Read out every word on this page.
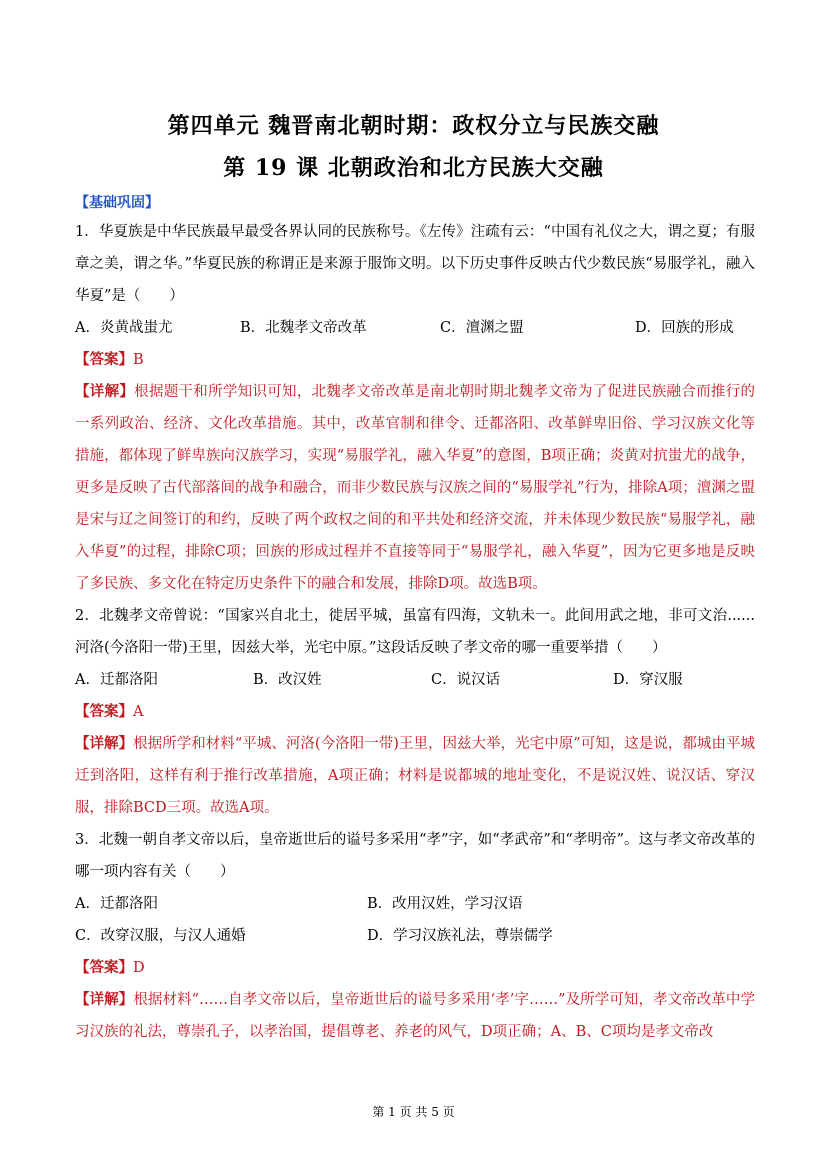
第四单元 魏晋南北朝时期：政权分立与民族交融
第 19 课 北朝政治和北方民族大交融
【基础巩固】
1．华夏族是中华民族最早最受各界认同的民族称号。《左传》注疏有云：“中国有礼仪之大，谓之夏；有服章之美，谓之华。”华夏民族的称谓正是来源于服饰文明。以下历史事件反映古代少数民族“易服学礼，融入华夏”是（　　）
A．炎黄战蚩尤	B．北魏孝文帝改革	C．澶渊之盟	D．回族的形成
【答案】B
【详解】根据题干和所学知识可知，北魏孝文帝改革是南北朝时期北魏孝文帝为了促进民族融合而推行的一系列政治、经济、文化改革措施。其中，改革官制和律令、迁都洛阳、改革鲜卑旧俗、学习汉族文化等措施，都体现了鲜卑族向汉族学习，实现“易服学礼，融入华夏”的意图，B项正确；炎黄对抗蚩尤的战争，更多是反映了古代部落间的战争和融合，而非少数民族与汉族之间的“易服学礼”行为，排除A项；澶渊之盟是宋与辽之间签订的和约，反映了两个政权之间的和平共处和经济交流，并未体现少数民族“易服学礼，融入华夏”的过程，排除C项；回族的形成过程并不直接等同于“易服学礼，融入华夏”，因为它更多地是反映了多民族、多文化在特定历史条件下的融合和发展，排除D项。故选B项。
2．北魏孝文帝曾说：“国家兴自北土，徙居平城，虽富有四海，文轨未一。此间用武之地，非可文治......河洛(今洛阳一带)王里，因兹大举，光宅中原。”这段话反映了孝文帝的哪一重要举措（　　）
A．迁都洛阳	B．改汉姓	C．说汉话	D．穿汉服
【答案】A
【详解】根据所学和材料“平城、河洛(今洛阳一带)王里，因兹大举，光宅中原”可知，这是说，都城由平城迁到洛阳，这样有利于推行改革措施，A项正确；材料是说都城的地址变化，不是说汉姓、说汉话、穿汉服，排除BCD三项。故选A项。
3．北魏一朝自孝文帝以后，皇帝逝世后的谥号多采用“孝”字，如“孝武帝”和“孝明帝”。这与孝文帝改革的哪一项内容有关（　　）
A．迁都洛阳	B．改用汉姓，学习汉语
C．改穿汉服，与汉人通婚	D．学习汉族礼法，尊崇儒学
【答案】D
【详解】根据材料“……自孝文帝以后，皇帝逝世后的谥号多采用‘孝’字……”及所学可知，孝文帝改革中学习汉族的礼法，尊崇孔子，以孝治国，提倡尊老、养老的风气，D项正确；A、B、C项均是孝文帝改
第 1 页 共 5 页
